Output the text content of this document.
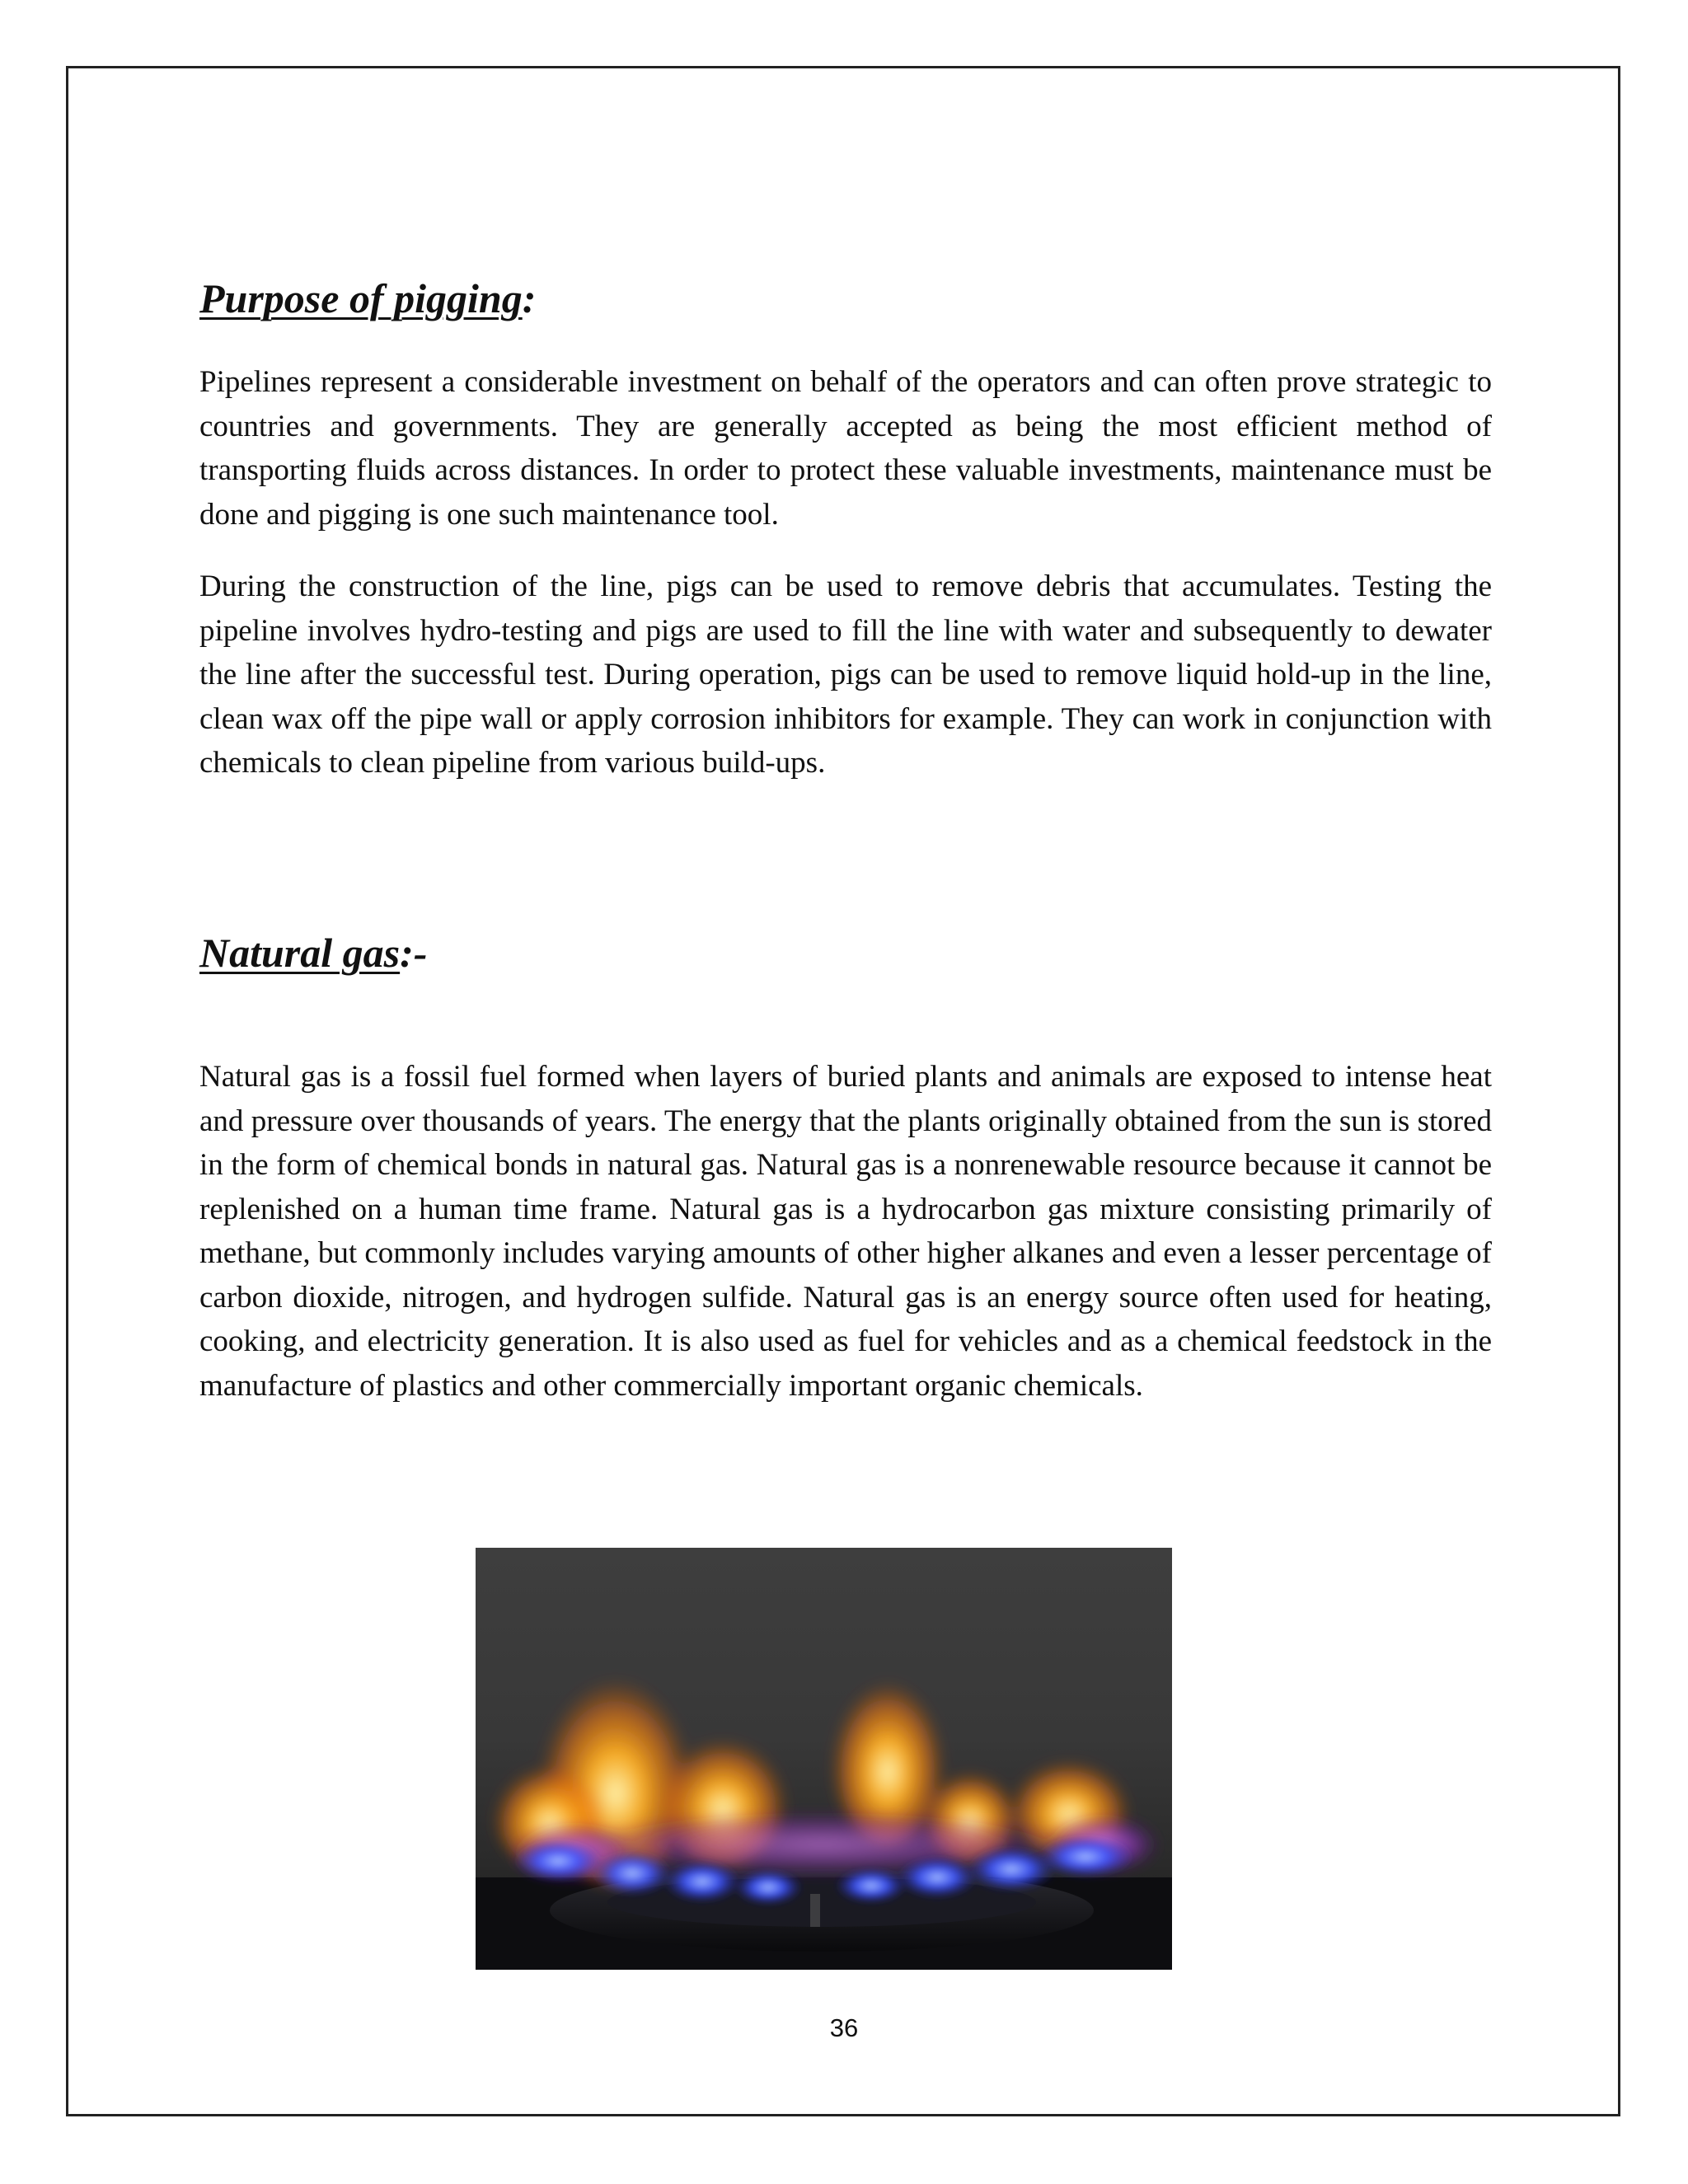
Purpose of pigging:

Pipelines represent a considerable investment on behalf of the operators and can often prove strategic to countries and governments. They are generally accepted as being the most efficient method of transporting fluids across distances. In order to protect these valuable investments, maintenance must be done and pigging is one such maintenance tool.

During the construction of the line, pigs can be used to remove debris that accumulates. Testing the pipeline involves hydro-testing and pigs are used to fill the line with water and subsequently to dewater the line after the successful test. During operation, pigs can be used to remove liquid hold-up in the line, clean wax off the pipe wall or apply corrosion inhibitors for example. They can work in conjunction with chemicals to clean pipeline from various build-ups.

Natural gas:-

Natural gas is a fossil fuel formed when layers of buried plants and animals are exposed to intense heat and pressure over thousands of years. The energy that the plants originally obtained from the sun is stored in the form of chemical bonds in natural gas. Natural gas is a nonrenewable resource because it cannot be replenished on a human time frame. Natural gas is a hydrocarbon gas mixture consisting primarily of methane, but commonly includes varying amounts of other higher alkanes and even a lesser percentage of carbon dioxide, nitrogen, and hydrogen sulfide. Natural gas is an energy source often used for heating, cooking, and electricity generation. It is also used as fuel for vehicles and as a chemical feedstock in the manufacture of plastics and other commercially important organic chemicals.

36
